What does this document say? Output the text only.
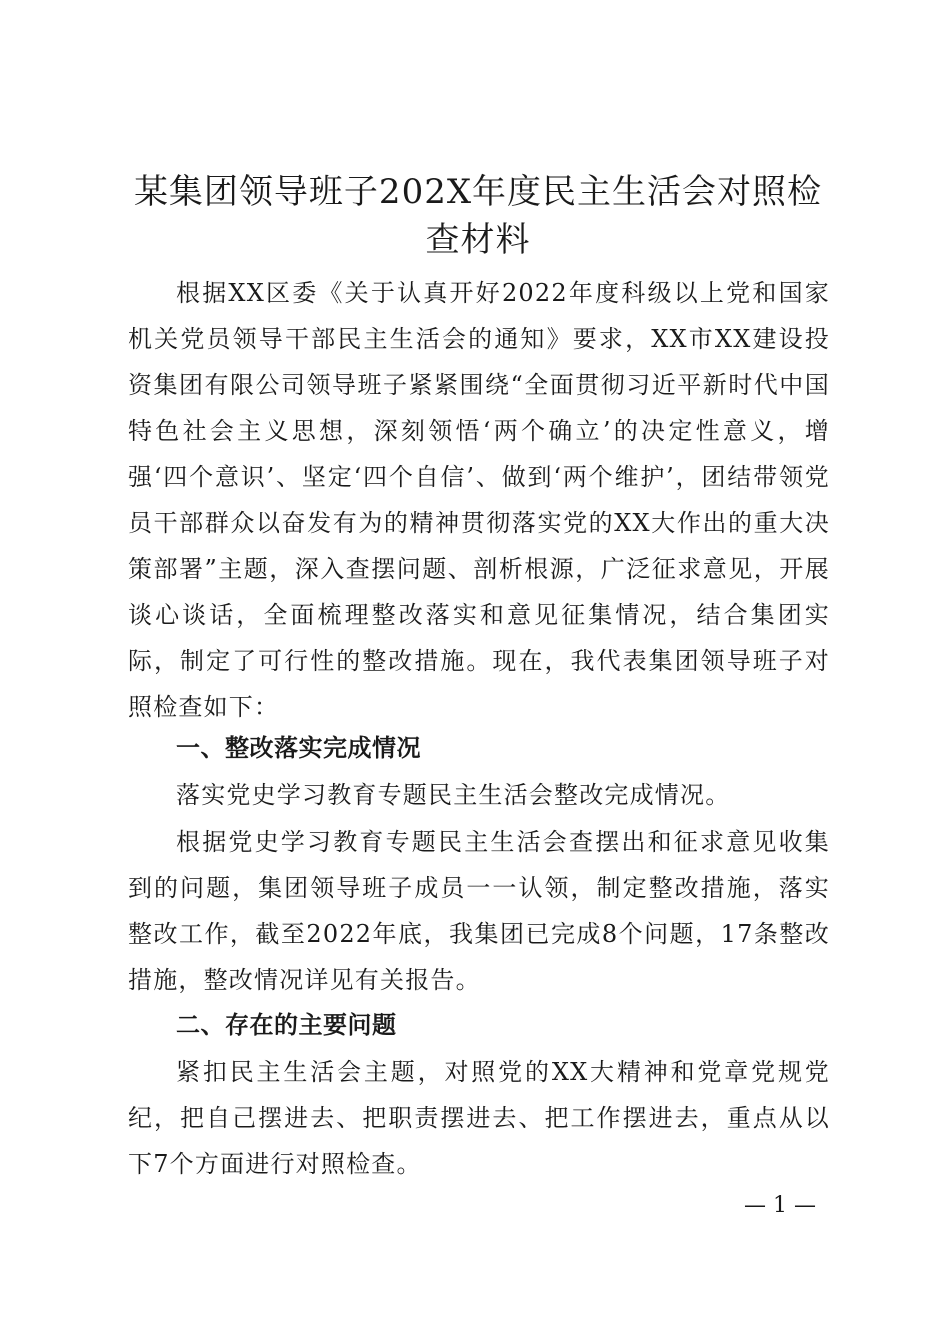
某集团领导班子202X年度民主生活会对照检查材料

根据XX区委《关于认真开好2022年度科级以上党和国家机关党员领导干部民主生活会的通知》要求，XX市XX建设投资集团有限公司领导班子紧紧围绕“全面贯彻习近平新时代中国特色社会主义思想，深刻领悟‘两个确立’的决定性意义，增强‘四个意识’、坚定‘四个自信’、做到‘两个维护’，团结带领党员干部群众以奋发有为的精神贯彻落实党的XX大作出的重大决策部署”主题，深入查摆问题、剖析根源，广泛征求意见，开展谈心谈话，全面梳理整改落实和意见征集情况，结合集团实际，制定了可行性的整改措施。现在，我代表集团领导班子对照检查如下：

一、整改落实完成情况

落实党史学习教育专题民主生活会整改完成情况。

根据党史学习教育专题民主生活会查摆出和征求意见收集到的问题，集团领导班子成员一一认领，制定整改措施，落实整改工作，截至2022年底，我集团已完成8个问题，17条整改措施，整改情况详见有关报告。

二、存在的主要问题

紧扣民主生活会主题，对照党的XX大精神和党章党规党纪，把自己摆进去、把职责摆进去、把工作摆进去，重点从以下7个方面进行对照检查。

— 1 —
